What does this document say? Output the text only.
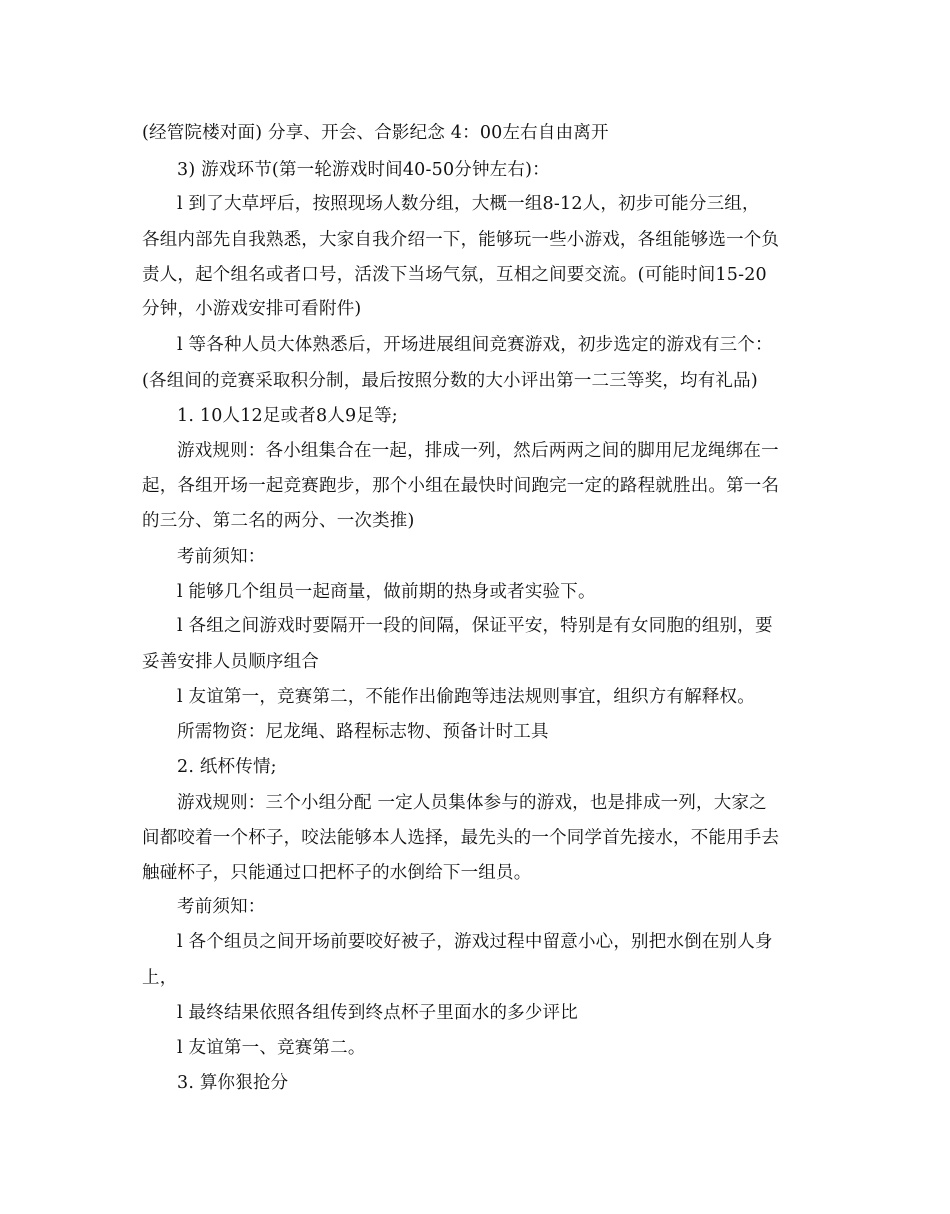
(经管院楼对面) 分享、开会、合影纪念 4：00左右自由离开
3) 游戏环节(第一轮游戏时间40-50分钟左右)：
l 到了大草坪后，按照现场人数分组，大概一组8-12人，初步可能分三组，
各组内部先自我熟悉，大家自我介绍一下，能够玩一些小游戏，各组能够选一个负
责人，起个组名或者口号，活泼下当场气氛，互相之间要交流。(可能时间15-20
分钟，小游戏安排可看附件)
l 等各种人员大体熟悉后，开场进展组间竞赛游戏，初步选定的游戏有三个：
(各组间的竞赛采取积分制，最后按照分数的大小评出第一二三等奖，均有礼品)
1. 10人12足或者8人9足等;
游戏规则：各小组集合在一起，排成一列，然后两两之间的脚用尼龙绳绑在一
起，各组开场一起竞赛跑步，那个小组在最快时间跑完一定的路程就胜出。第一名
的三分、第二名的两分、一次类推)
考前须知：
l 能够几个组员一起商量，做前期的热身或者实验下。
l 各组之间游戏时要隔开一段的间隔，保证平安，特别是有女同胞的组别，要
妥善安排人员顺序组合
l 友谊第一，竞赛第二，不能作出偷跑等违法规则事宜，组织方有解释权。
所需物资：尼龙绳、路程标志物、预备计时工具
2. 纸杯传情;
游戏规则：三个小组分配 一定人员集体参与的游戏，也是排成一列，大家之
间都咬着一个杯子，咬法能够本人选择，最先头的一个同学首先接水，不能用手去
触碰杯子，只能通过口把杯子的水倒给下一组员。
考前须知：
l 各个组员之间开场前要咬好被子，游戏过程中留意小心，别把水倒在别人身
上，
l 最终结果依照各组传到终点杯子里面水的多少评比
l 友谊第一、竞赛第二。
3. 算你狠抢分
